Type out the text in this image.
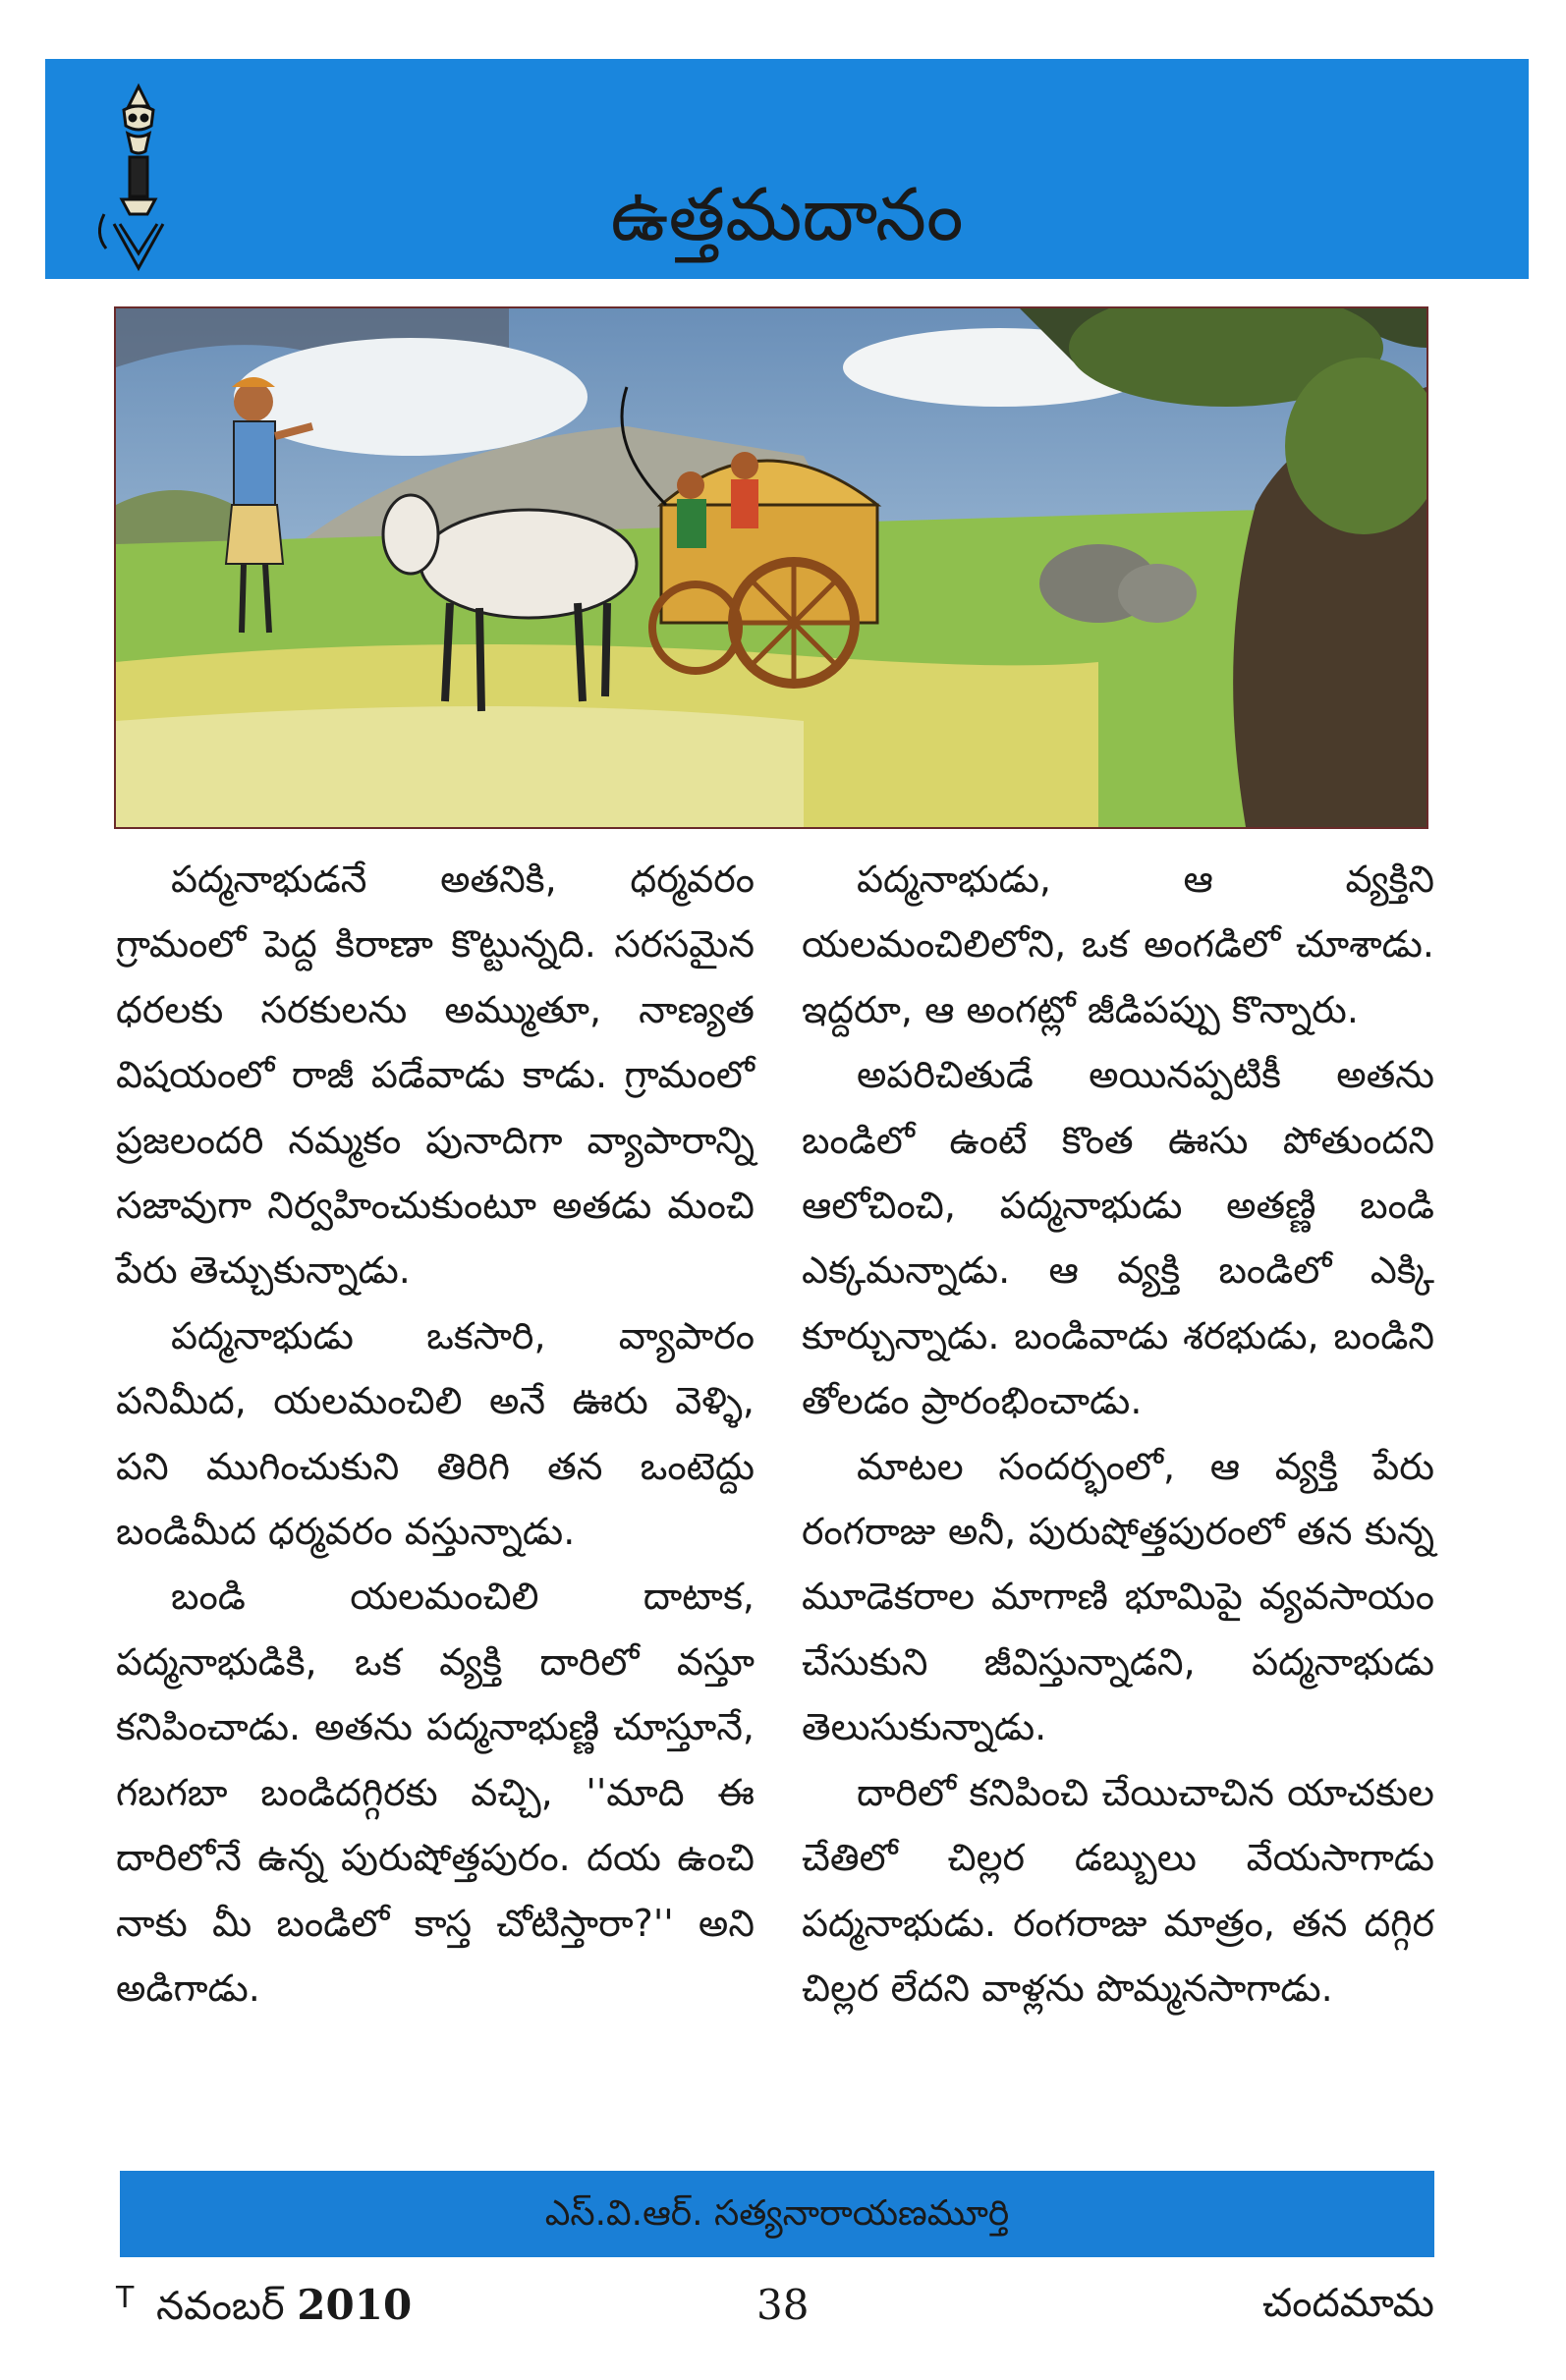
ఉత్తమదానం

పద్మనాభుడనే అతనికి, ధర్మవరం గ్రామంలో పెద్ద కిరాణా కొట్టున్నది. సరసమైన ధరలకు సరకులను అమ్ముతూ, నాణ్యత విషయంలో రాజీ పడేవాడు కాడు. గ్రామంలో ప్రజలందరి నమ్మకం పునాదిగా వ్యాపారాన్ని సజావుగా నిర్వహించుకుంటూ అతడు మంచి పేరు తెచ్చుకున్నాడు.

పద్మనాభుడు ఒకసారి, వ్యాపారం పనిమీద, యలమంచిలి అనే ఊరు వెళ్ళి, పని ముగించుకుని తిరిగి తన ఒంటెద్దు బండిమీద ధర్మవరం వస్తున్నాడు.

బండి యలమంచిలి దాటాక, పద్మనాభుడికి, ఒక వ్యక్తి దారిలో వస్తూ కనిపించాడు. అతను పద్మనాభుణ్ణి చూస్తూనే, గబగబా బండిదగ్గిరకు వచ్చి, ''మాది ఈ దారిలోనే ఉన్న పురుషోత్తపురం. దయ ఉంచి నాకు మీ బండిలో కాస్త చోటిస్తారా?'' అని అడిగాడు.

పద్మనాభుడు, ఆ వ్యక్తిని యలమంచిలిలోని, ఒక అంగడిలో చూశాడు. ఇద్దరూ, ఆ అంగట్లో జీడిపప్పు కొన్నారు.

అపరిచితుడే అయినప్పటికీ అతను బండిలో ఉంటే కొంత ఊసు పోతుందని ఆలోచించి, పద్మనాభుడు అతణ్ణి బండి ఎక్కమన్నాడు. ఆ వ్యక్తి బండిలో ఎక్కి కూర్చున్నాడు. బండివాడు శరభుడు, బండిని తోలడం ప్రారంభించాడు.

మాటల సందర్భంలో, ఆ వ్యక్తి పేరు రంగరాజు అనీ, పురుషోత్తపురంలో తన కున్న మూడెకరాల మాగాణి భూమిపై వ్యవసాయం చేసుకుని జీవిస్తున్నాడని, పద్మనాభుడు తెలుసుకున్నాడు.

దారిలో కనిపించి చేయిచాచిన యాచకుల చేతిలో చిల్లర డబ్బులు వేయసాగాడు పద్మనాభుడు. రంగరాజు మాత్రం, తన దగ్గిర చిల్లర లేదని వాళ్లను పొమ్మనసాగాడు.

ఎస్.వి.ఆర్. సత్యనారాయణమూర్తి
$^T$ నవంబర్ 2010	38	చందమామ
